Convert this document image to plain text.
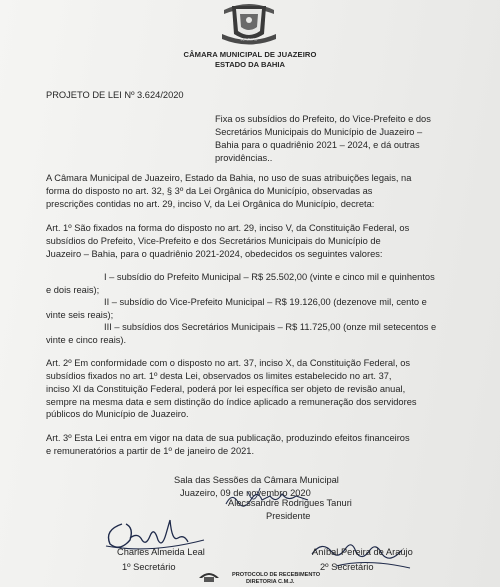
JUAZEIRO
CÂMARA MUNICIPAL DE JUAZEIRO
ESTADO DA BAHIA
PROJETO DE LEI Nº 3.624/2020
Fixa os subsídios do Prefeito, do Vice-Prefeito e dos
Secretários Municipais do Município de Juazeiro –
Bahia para o quadriênio 2021 – 2024, e dá outras
providências..
A Câmara Municipal de Juazeiro, Estado da Bahia, no uso de suas atribuições legais, na
forma do disposto no art. 32, § 3º da Lei Orgânica do Município, observadas as
prescrições contidas no art. 29, inciso V, da Lei Orgânica do Município, decreta:
Art. 1º São fixados na forma do disposto no art. 29, inciso V, da Constituição Federal, os
subsídios do Prefeito, Vice-Prefeito e dos Secretários Municipais do Município de
Juazeiro – Bahia, para o quadriênio 2021-2024, obedecidos os seguintes valores:
I – subsídio do Prefeito Municipal – R$ 25.502,00 (vinte e cinco mil e quinhentos
e dois reais);
II – subsídio do Vice-Prefeito Municipal – R$ 19.126,00 (dezenove mil, cento e
vinte seis reais);
III – subsídios dos Secretários Municipais – R$ 11.725,00 (onze mil setecentos e
vinte e cinco reais).
Art. 2º Em conformidade com o disposto no art. 37, inciso X, da Constituição Federal, os
subsídios fixados no art. 1º desta Lei, observados os limites estabelecido no art. 37,
inciso XI da Constituição Federal, poderá por lei específica ser objeto de revisão anual,
sempre na mesma data e sem distinção do índice aplicado a remuneração dos servidores
públicos do Município de Juazeiro.
Art. 3º Esta Lei entra em vigor na data de sua publicação, produzindo efeitos financeiros
e remuneratórios a partir de 1º de janeiro de 2021.
Sala das Sessões da Câmara Municipal
Juazeiro, 09 de novembro 2020
Alecssandre Rodrigues Tanuri
Presidente
Charles Almeida Leal
1º Secretário
Aníbal Pereira de Araújo
2º Secretário
PROTOCOLO DE RECEBIMENTO
DIRETORIA C.M.J.
